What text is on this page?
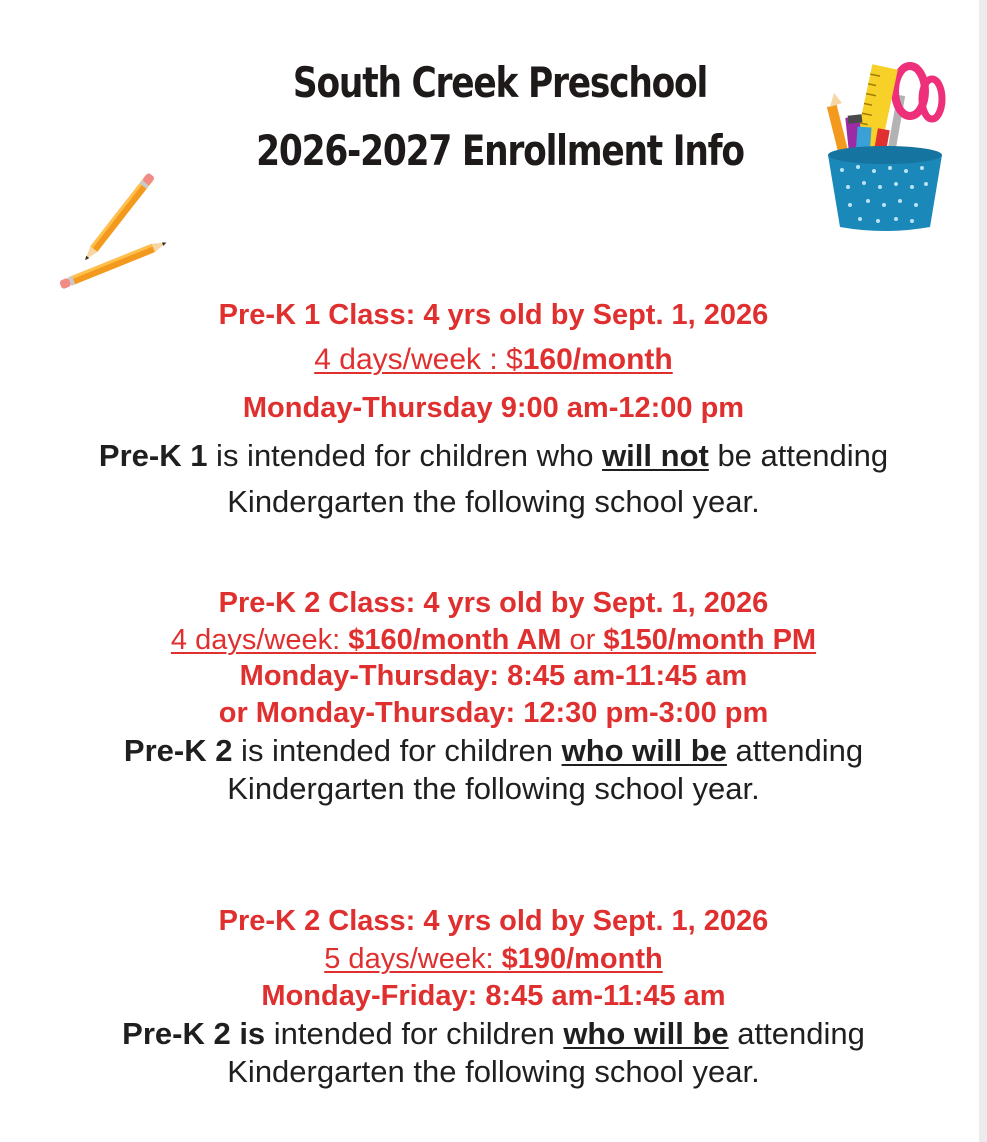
South Creek Preschool
2026-2027 Enrollment Info
Pre-K 1 Class: 4 yrs old by Sept. 1, 2026
4 days/week : $160/month
Monday-Thursday 9:00 am-12:00 pm
Pre-K 1 is intended for children who will not be attending
Kindergarten the following school year.
Pre-K 2 Class: 4 yrs old by Sept. 1, 2026
4 days/week: $160/month AM or $150/month PM
Monday-Thursday: 8:45 am-11:45 am
or Monday-Thursday: 12:30 pm-3:00 pm
Pre-K 2 is intended for children who will be attending
Kindergarten the following school year.
Pre-K 2 Class: 4 yrs old by Sept. 1, 2026
5 days/week: $190/month
Monday-Friday: 8:45 am-11:45 am
Pre-K 2 is intended for children who will be attending
Kindergarten the following school year.
